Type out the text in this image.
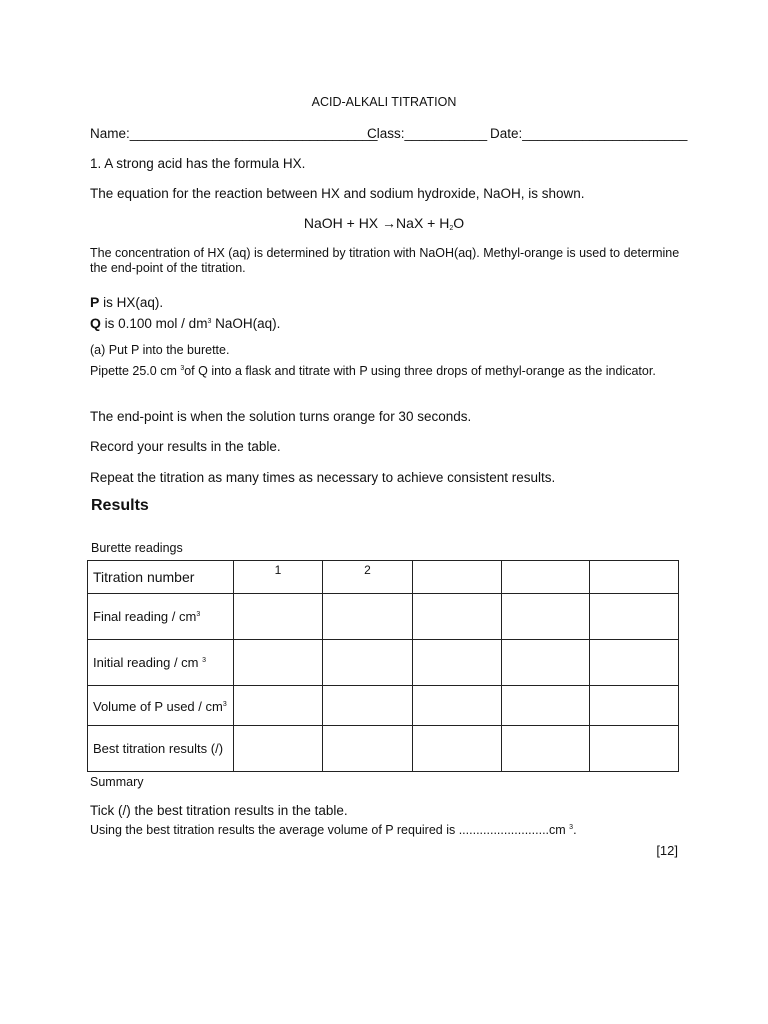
ACID-ALKALI TITRATION
Name:_________________________________
Class:___________ Date:______________________
1. A strong acid has the formula HX.
The equation for the reaction between HX and sodium hydroxide, NaOH, is shown.
NaOH + HX $\to NaX + H_2O$
The concentration of HX (aq) is determined by titration with NaOH(aq). Methyl-orange is used to determine the end-point of the titration.
P is HX(aq).
Q is 0.100 mol / $dm^3$ NaOH(aq).
(a) Put P into the burette.
Pipette 25.0 cm $^3$of Q into a flask and titrate with P using three drops of methyl-orange as the indicator.
The end-point is when the solution turns orange for 30 seconds.
Record your results in the table.
Repeat the titration as many times as necessary to achieve consistent results.
Results
Burette readings
Titration number	1	2			
Final reading / $cm^3$					
Initial reading / cm $^3$					
Volume of P used / $cm^3$					
Best titration results (/)					
Summary
Tick (/) the best titration results in the table.
Using the best titration results the average volume of P required is ..........................cm $^3$.
[12]
